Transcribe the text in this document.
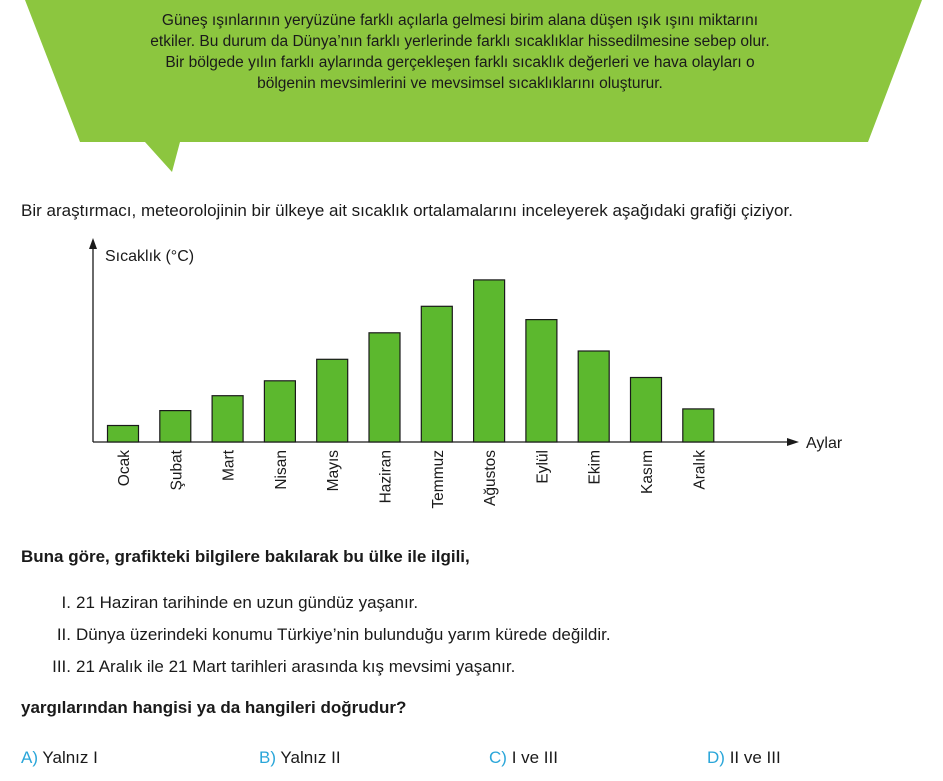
Güneş ışınlarının yeryüzüne farklı açılarla gelmesi birim alana düşen ışık ışını miktarını
etkiler. Bu durum da Dünya’nın farklı yerlerinde farklı sıcaklıklar hissedilmesine sebep olur.
Bir bölgede yılın farklı aylarında gerçekleşen farklı sıcaklık değerleri ve hava olayları o
bölgenin mevsimlerini ve mevsimsel sıcaklıklarını oluşturur.
Bir araştırmacı, meteorolojinin bir ülkeye ait sıcaklık ortalamalarını inceleyerek aşağıdaki grafiği çiziyor.
Sıcaklık (°C)
Aylar
Ocak Şubat Mart Nisan Mayıs Haziran Temmuz Ağustos Eylül Ekim Kasım Aralık
Buna göre, grafikteki bilgilere bakılarak bu ülke ile ilgili,
I. 21 Haziran tarihinde en uzun gündüz yaşanır.
II. Dünya üzerindeki konumu Türkiye’nin bulunduğu yarım kürede değildir.
III. 21 Aralık ile 21 Mart tarihleri arasında kış mevsimi yaşanır.
yargılarından hangisi ya da hangileri doğrudur?
A) Yalnız I	B) Yalnız II	C) I ve III	D) II ve III
